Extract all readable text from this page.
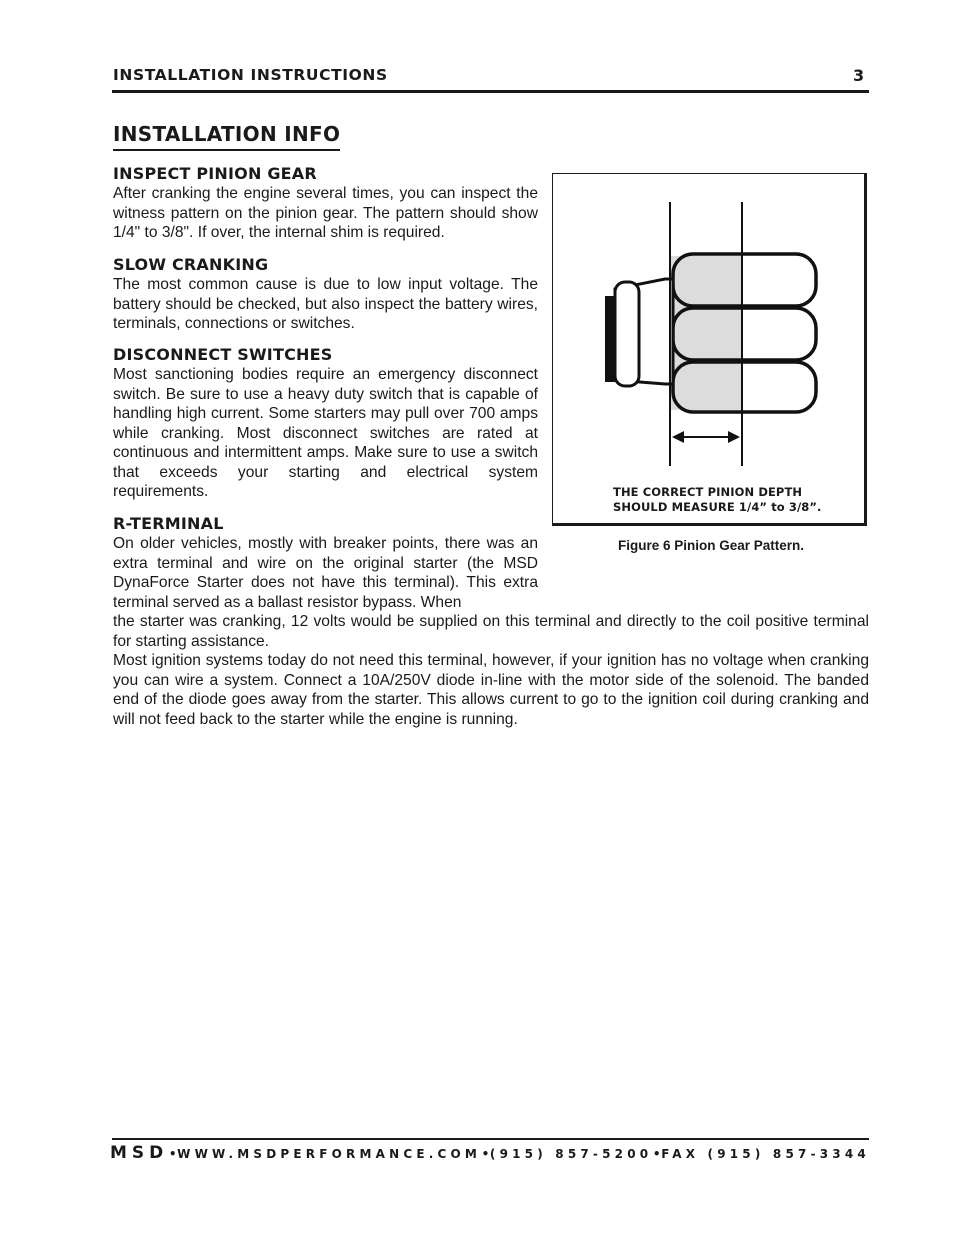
INSTALLATION INSTRUCTIONS	3
INSTALLATION INFO
INSPECT PINION GEAR
After cranking the engine several times, you can inspect the witness pattern on the pinion gear. The pattern should show 1/4" to 3/8". If over, the internal shim is required.
SLOW CRANKING
The most common cause is due to low input voltage. The battery should be checked, but also inspect the battery wires, terminals, connections or switches.
DISCONNECT SWITCHES
Most sanctioning bodies require an emergency disconnect switch. Be sure to use a heavy duty switch that is capable of handling high current. Some starters may pull over 700 amps while cranking. Most disconnect switches are rated at continuous and intermittent amps. Make sure to use a switch that exceeds your starting and electrical system requirements.
R-TERMINAL
On older vehicles, mostly with breaker points, there was an extra terminal and wire on the original starter (the MSD DynaForce Starter does not have this terminal). This extra terminal served as a ballast resistor bypass. When
the starter was cranking, 12 volts would be supplied on this terminal and directly to the coil positive terminal for starting assistance.
Most ignition systems today do not need this terminal, however, if your ignition has no voltage when cranking you can wire a system. Connect a 10A/250V diode in-line with the motor side of the solenoid. The banded end of the diode goes away from the starter. This allows current to go to the ignition coil during cranking and will not feed back to the starter while the engine is running.
THE CORRECT PINION DEPTH
SHOULD MEASURE 1/4” to 3/8”.
Figure 6 Pinion Gear Pattern.
MSD • WWW.MSDPERFORMANCE.COM • (915) 857-5200 • FAX (915) 857-3344
